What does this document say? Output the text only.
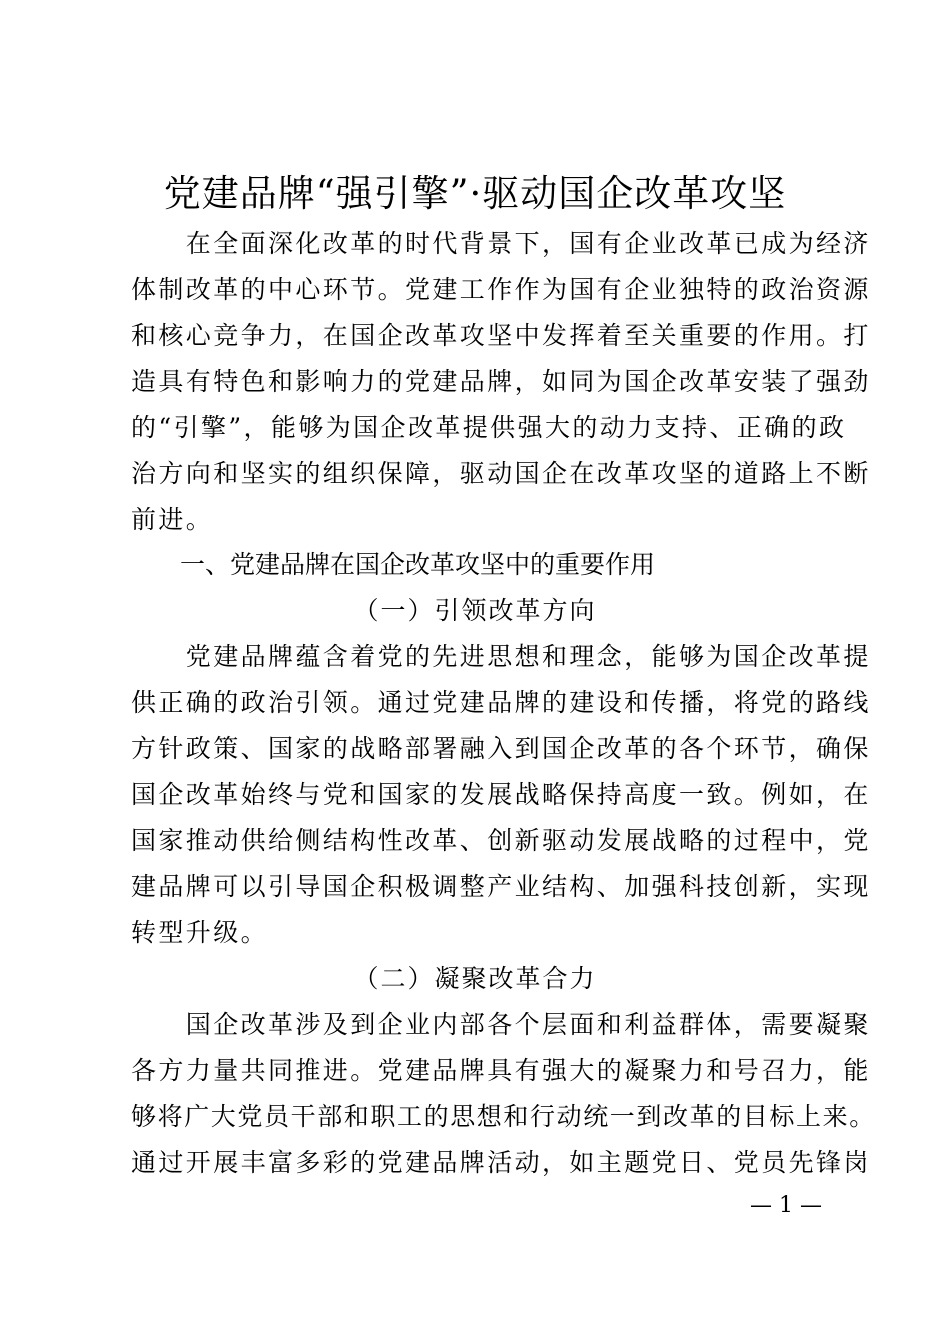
党建品牌“强引擎”·驱动国企改革攻坚

　　在全面深化改革的时代背景下，国有企业改革已成为经济

体制改革的中心环节。党建工作作为国有企业独特的政治资源

和核心竞争力，在国企改革攻坚中发挥着至关重要的作用。打

造具有特色和影响力的党建品牌，如同为国企改革安装了强劲

的“引擎”，能够为国企改革提供强大的动力支持、正确的政

治方向和坚实的组织保障，驱动国企在改革攻坚的道路上不断

前进。

一、党建品牌在国企改革攻坚中的重要作用
（一）引领改革方向

　　党建品牌蕴含着党的先进思想和理念，能够为国企改革提

供正确的政治引领。通过党建品牌的建设和传播，将党的路线

方针政策、国家的战略部署融入到国企改革的各个环节，确保

国企改革始终与党和国家的发展战略保持高度一致。例如，在

国家推动供给侧结构性改革、创新驱动发展战略的过程中，党

建品牌可以引导国企积极调整产业结构、加强科技创新，实现

转型升级。

（二）凝聚改革合力

　　国企改革涉及到企业内部各个层面和利益群体，需要凝聚

各方力量共同推进。党建品牌具有强大的凝聚力和号召力，能

够将广大党员干部和职工的思想和行动统一到改革的目标上来。

通过开展丰富多彩的党建品牌活动，如主题党日、党员先锋岗

— 1 —
